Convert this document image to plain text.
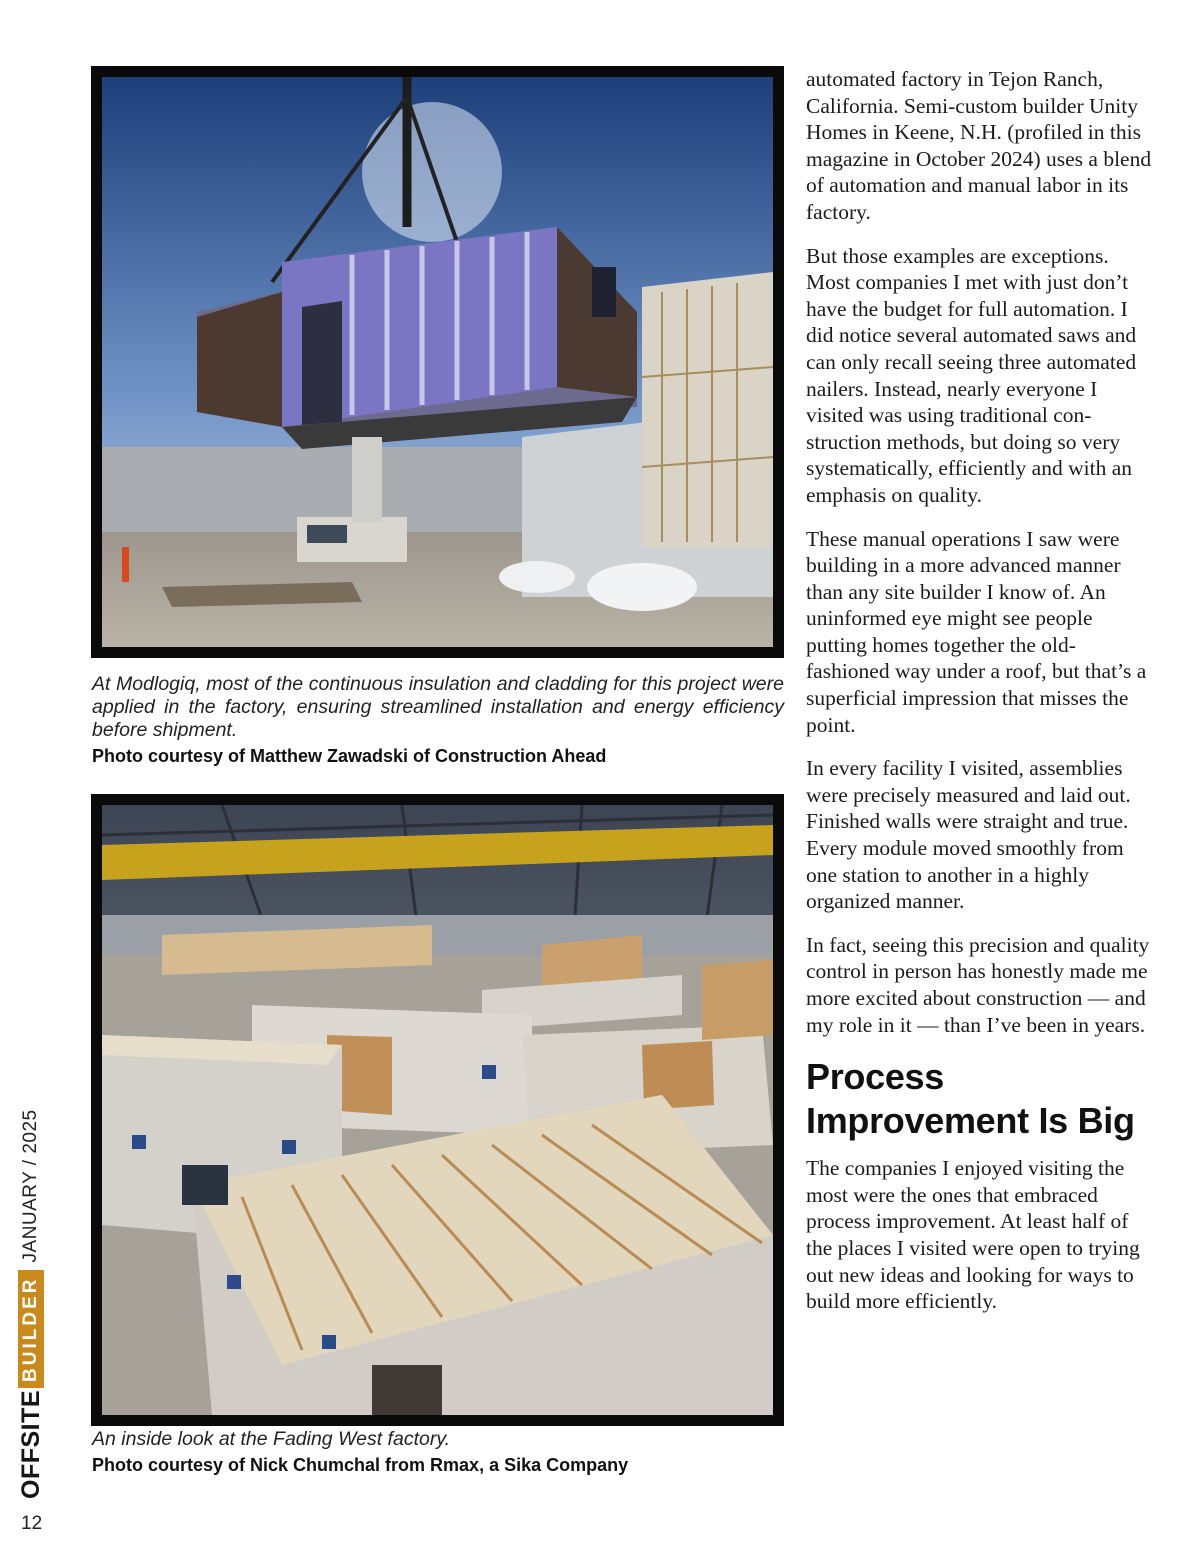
At Modlogiq, most of the continuous insulation and cladding for this project were applied in the factory, ensuring streamlined installation and energy efficiency before shipment.

Photo courtesy of Matthew Zawadski of Construction Ahead

An inside look at the Fading West factory.

Photo courtesy of Nick Chumchal from Rmax, a Sika Company

automated factory in Tejon Ranch, California. Semi-custom builder Unity Homes in Keene, N.H. (profiled in this magazine in October 2024) uses a blend of automation and manual labor in its factory.

But those examples are exceptions. Most companies I met with just don’t have the budget for full automation. I did notice several automated saws and can only recall seeing three automated nailers. Instead, nearly everyone I visited was using traditional construction methods, but doing so very systematically, efficiently and with an emphasis on quality.

These manual operations I saw were building in a more advanced manner than any site builder I know of. An uninformed eye might see people putting homes together the old-fashioned way under a roof, but that’s a superficial impression that misses the point.

In every facility I visited, assemblies were precisely measured and laid out. Finished walls were straight and true. Every module moved smoothly from one station to another in a highly organized manner.

In fact, seeing this precision and quality control in person has honestly made me more excited about construction — and my role in it — than I’ve been in years.

Process Improvement Is Big

The companies I enjoyed visiting the most were the ones that embraced process improvement. At least half of the places I visited were open to trying out new ideas and looking for ways to build more efficiently.

OFFSITE
BUILDER
JANUARY / 2025
12
